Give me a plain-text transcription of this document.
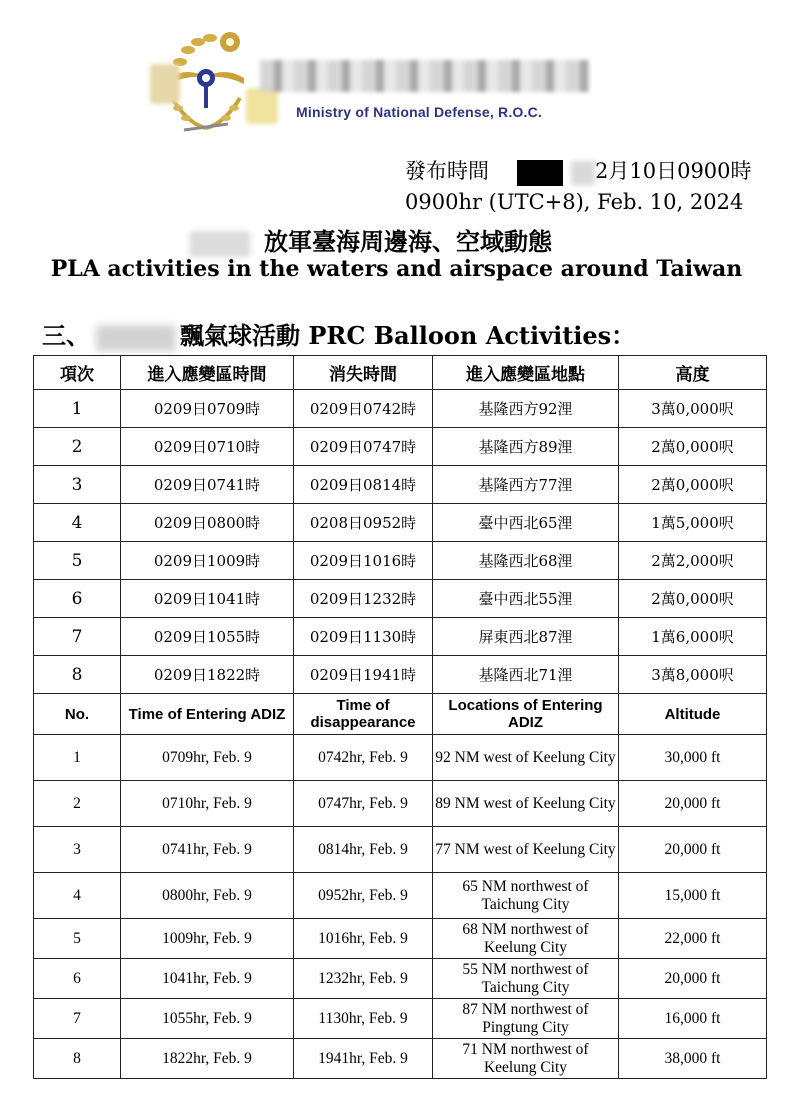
Ministry of National Defense, R.O.C.
發布時間	2月10日0900時
0900hr (UTC+8), Feb. 10, 2024
放軍臺海周邊海、空域動態
PLA activities in the waters and airspace around Taiwan
三、	飄氣球活動 PRC Balloon Activities：
項次	進入應變區時間	消失時間	進入應變區地點	高度
1	0209日0709時	0209日0742時	基隆西方92浬	3萬0,000呎
2	0209日0710時	0209日0747時	基隆西方89浬	2萬0,000呎
3	0209日0741時	0209日0814時	基隆西方77浬	2萬0,000呎
4	0209日0800時	0208日0952時	臺中西北65浬	1萬5,000呎
5	0209日1009時	0209日1016時	基隆西北68浬	2萬2,000呎
6	0209日1041時	0209日1232時	臺中西北55浬	2萬0,000呎
7	0209日1055時	0209日1130時	屏東西北87浬	1萬6,000呎
8	0209日1822時	0209日1941時	基隆西北71浬	3萬8,000呎
No.	Time of Entering ADIZ	Time of disappearance	Locations of Entering ADIZ	Altitude
1	0709hr, Feb. 9	0742hr, Feb. 9	92 NM west of Keelung City	30,000 ft
2	0710hr, Feb. 9	0747hr, Feb. 9	89 NM west of Keelung City	20,000 ft
3	0741hr, Feb. 9	0814hr, Feb. 9	77 NM west of Keelung City	20,000 ft
4	0800hr, Feb. 9	0952hr, Feb. 9	65 NM northwest of Taichung City	15,000 ft
5	1009hr, Feb. 9	1016hr, Feb. 9	68 NM northwest of Keelung City	22,000 ft
6	1041hr, Feb. 9	1232hr, Feb. 9	55 NM northwest of Taichung City	20,000 ft
7	1055hr, Feb. 9	1130hr, Feb. 9	87 NM northwest of Pingtung City	16,000 ft
8	1822hr, Feb. 9	1941hr, Feb. 9	71 NM northwest of Keelung City	38,000 ft
